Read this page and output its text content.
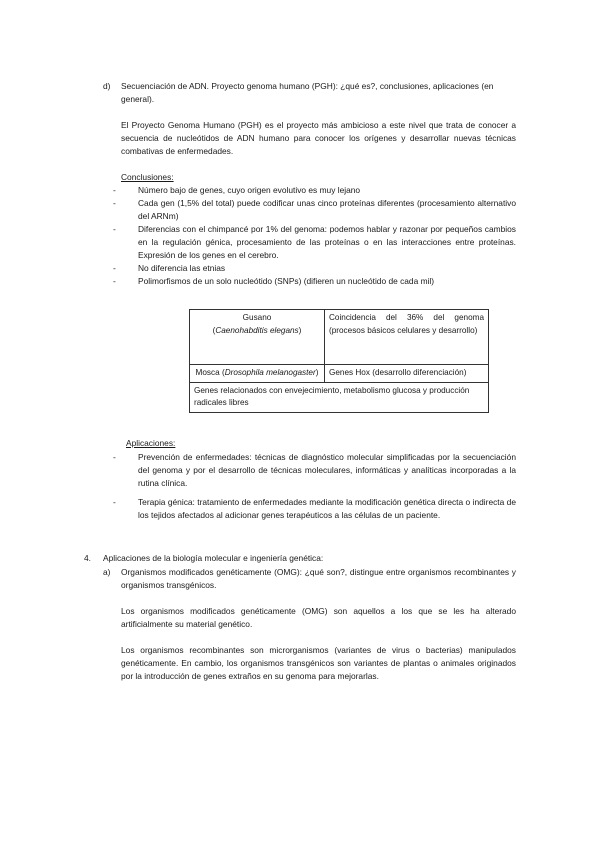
d) Secuenciación de ADN. Proyecto genoma humano (PGH): ¿qué es?, conclusiones, aplicaciones (en general).

El Proyecto Genoma Humano (PGH) es el proyecto más ambicioso a este nivel que trata de conocer a secuencia de nucleótidos de ADN humano para conocer los orígenes y desarrollar nuevas técnicas combativas de enfermedades.

Conclusiones:

-	Número bajo de genes, cuyo origen evolutivo es muy lejano

-	Cada gen (1,5% del total) puede codificar unas cinco proteínas diferentes (procesamiento alternativo del ARNm)

-	Diferencias con el chimpancé por 1% del genoma: podemos hablar y razonar por pequeños cambios en la regulación génica, procesamiento de las proteínas o en las interacciones entre proteínas. Expresión de los genes en el cerebro.

-	No diferencia las etnias

-	Polimorfismos de un solo nucleótido (SNPs) (difieren un nucleótido de cada mil)

Gusano
(Caenohabditis elegans)	Coincidencia del 36% del genoma (procesos básicos celulares y desarrollo)

Mosca (Drosophila melanogaster)	Genes Hox (desarrollo diferenciación)
Genes relacionados con envejecimiento, metabolismo glucosa y producción radicales libres	

Aplicaciones:

-	Prevención de enfermedades: técnicas de diagnóstico molecular simplificadas por la secuenciación del genoma y por el desarrollo de técnicas moleculares, informáticas y analíticas incorporadas a la rutina clínica.

-	Terapia génica: tratamiento de enfermedades mediante la modificación genética directa o indirecta de los tejidos afectados al adicionar genes terapéuticos a las células de un paciente.

4. Aplicaciones de la biología molecular e ingeniería genética:

a) Organismos modificados genéticamente (OMG): ¿qué son?, distingue entre organismos recombinantes y organismos transgénicos.

Los organismos modificados genéticamente (OMG) son aquellos a los que se les ha alterado artificialmente su material genético.

Los organismos recombinantes son microrganismos (variantes de virus o bacterias) manipulados genéticamente. En cambio, los organismos transgénicos son variantes de plantas o animales originados por la introducción de genes extraños en su genoma para mejorarlas.
